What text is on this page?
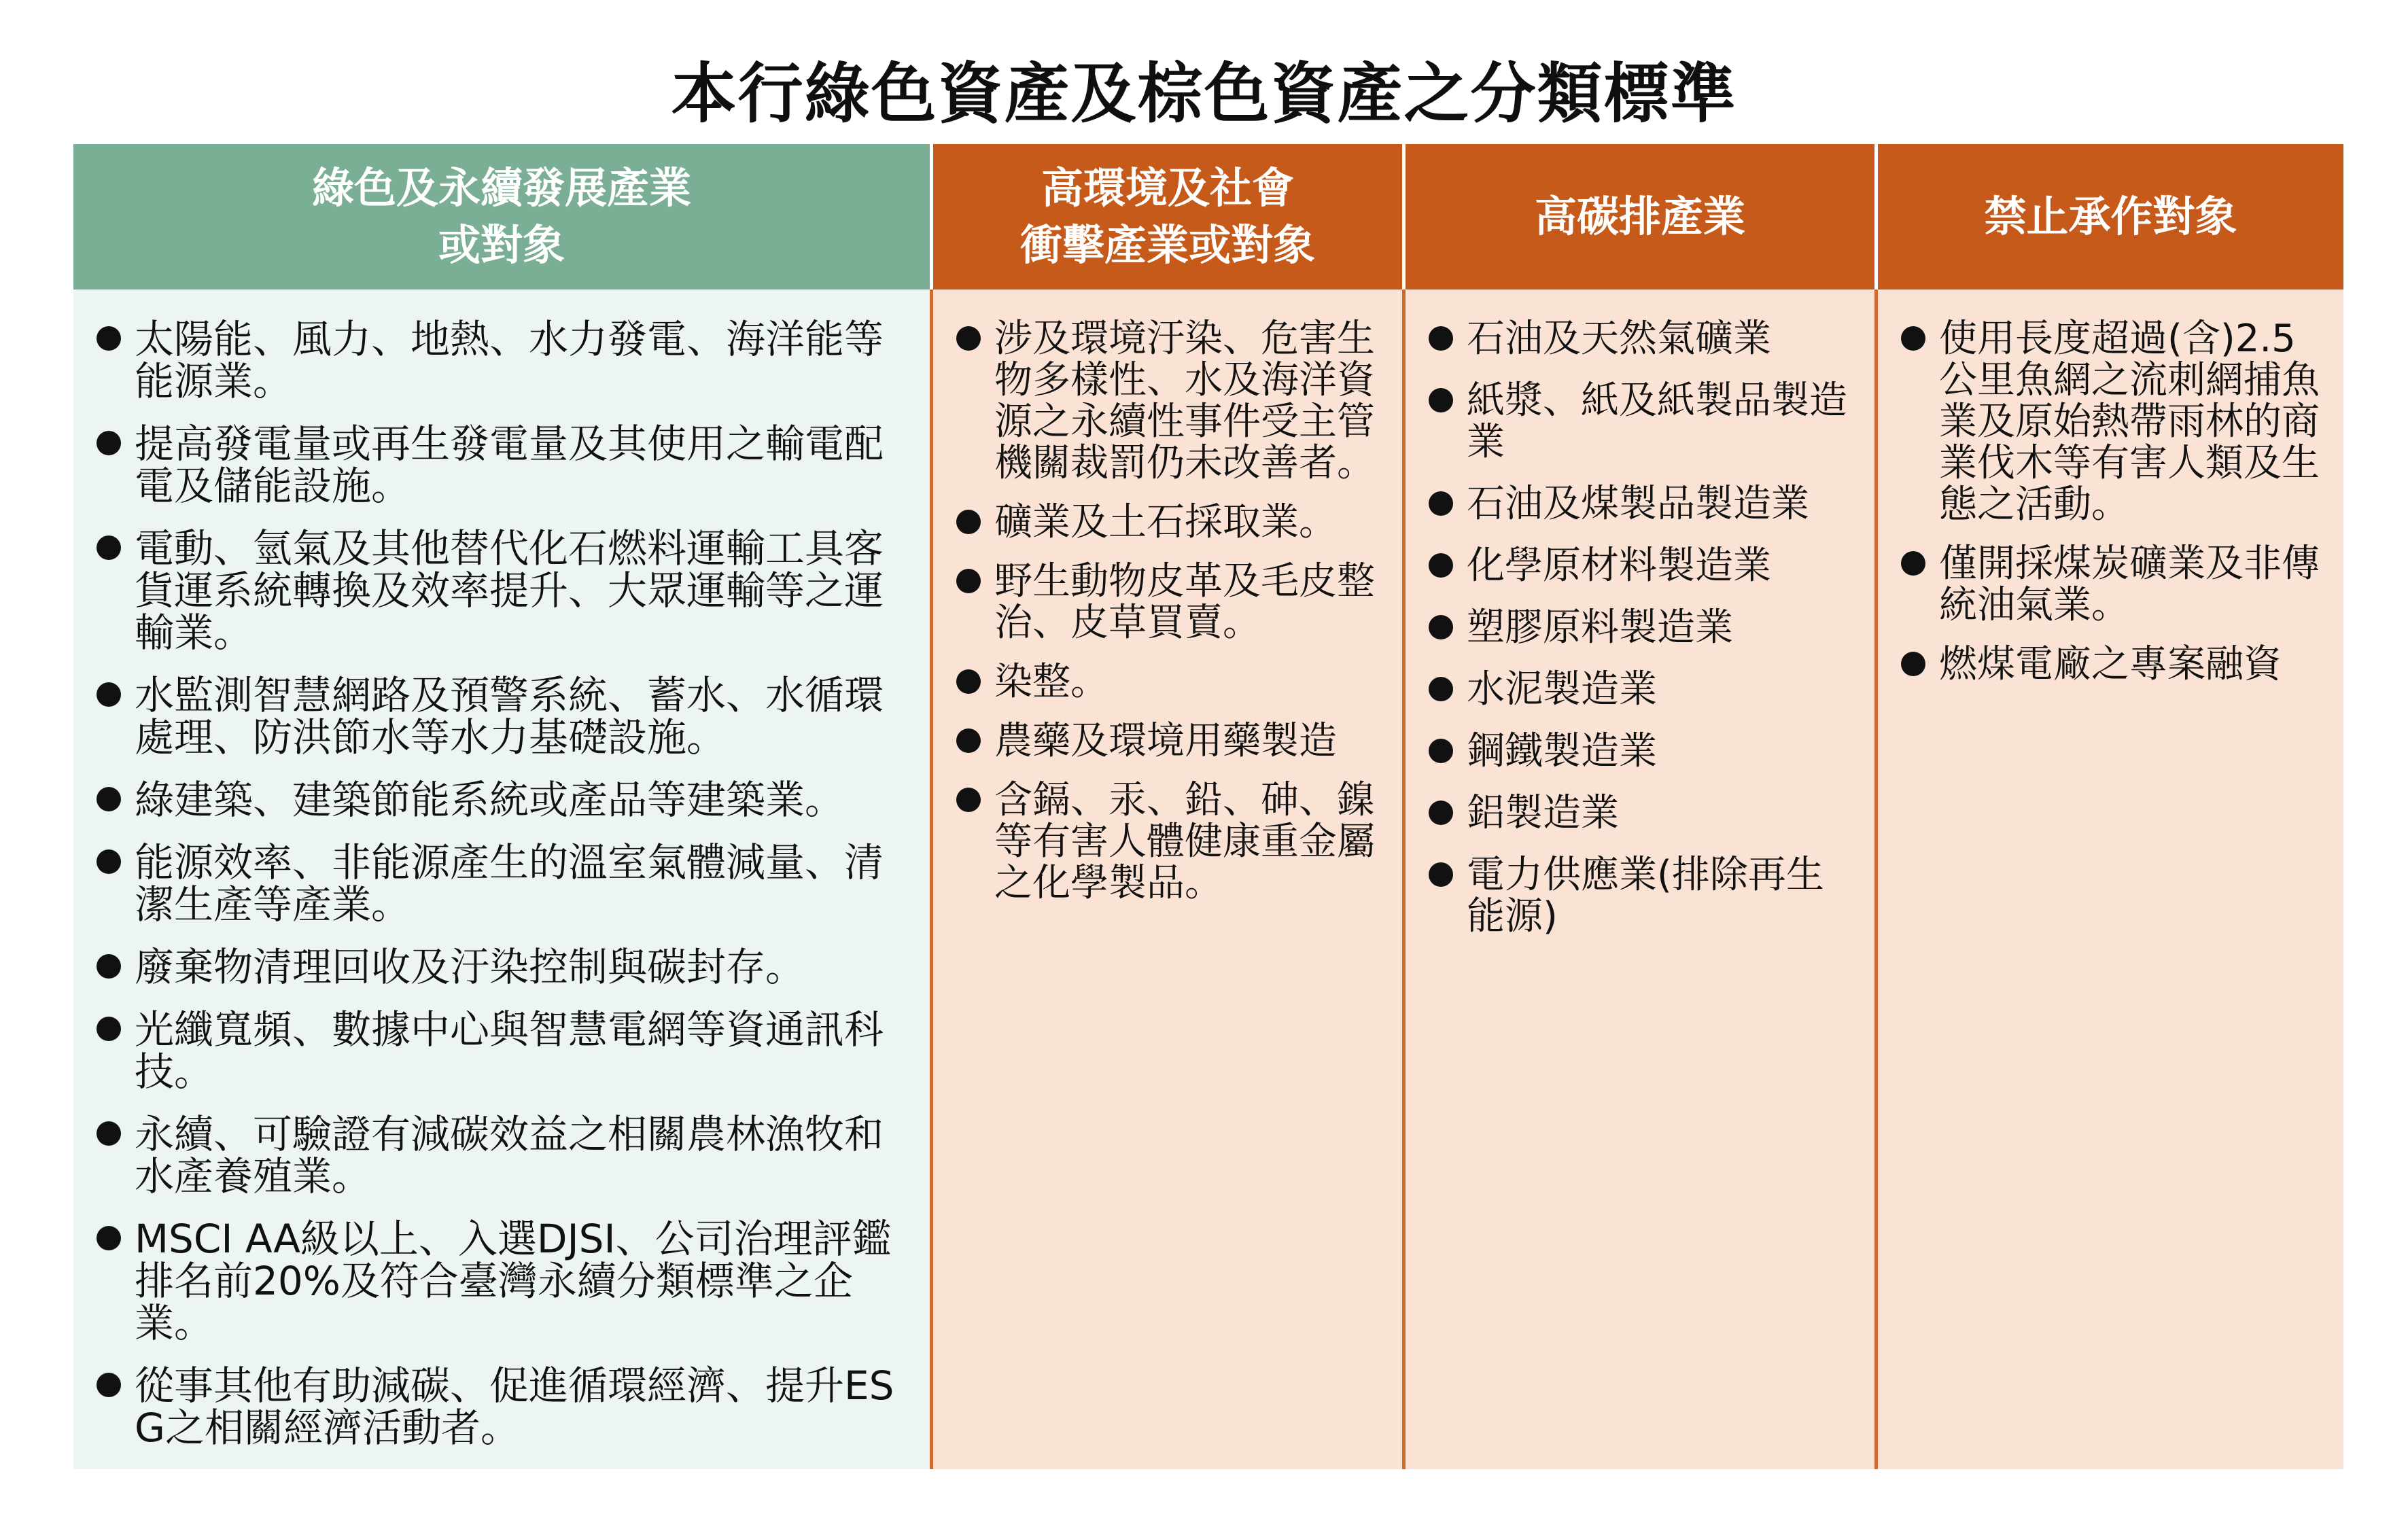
本行綠色資產及棕色資產之分類標準
綠色及永續發展產業
或對象
高環境及社會
衝擊產業或對象
高碳排產業	禁止承作對象
太陽能、風力、地熱、水力發電、海洋能等能源業。
提高發電量或再生發電量及其使用之輸電配電及儲能設施。
電動、氫氣及其他替代化石燃料運輸工具客貨運系統轉換及效率提升、大眾運輸等之運輸業。
水監測智慧網路及預警系統、蓄水、水循環處理、防洪節水等水力基礎設施。
綠建築、建築節能系統或產品等建築業。
能源效率、非能源產生的溫室氣體減量、清潔生產等產業。
廢棄物清理回收及汙染控制與碳封存。
光纖寬頻、數據中心與智慧電網等資通訊科技。
永續、可驗證有減碳效益之相關農林漁牧和水產養殖業。
MSCI AA級以上、入選DJSI、公司治理評鑑排名前20%及符合臺灣永續分類標準之企業。
從事其他有助減碳、促進循環經濟、提升ESG之相關經濟活動者。
涉及環境汙染、危害生物多樣性、水及海洋資源之永續性事件受主管機關裁罰仍未改善者。
礦業及土石採取業。
野生動物皮革及毛皮整治、皮草買賣。
染整。
農藥及環境用藥製造
含鎘、汞、鉛、砷、鎳等有害人體健康重金屬之化學製品。
石油及天然氣礦業
紙漿、紙及紙製品製造業
石油及煤製品製造業
化學原材料製造業
塑膠原料製造業
水泥製造業
鋼鐵製造業
鋁製造業
電力供應業(排除再生能源)
使用長度超過(含)2.5公里魚網之流刺網捕魚業及原始熱帶雨林的商業伐木等有害人類及生態之活動。
僅開採煤炭礦業及非傳統油氣業。
燃煤電廠之專案融資
